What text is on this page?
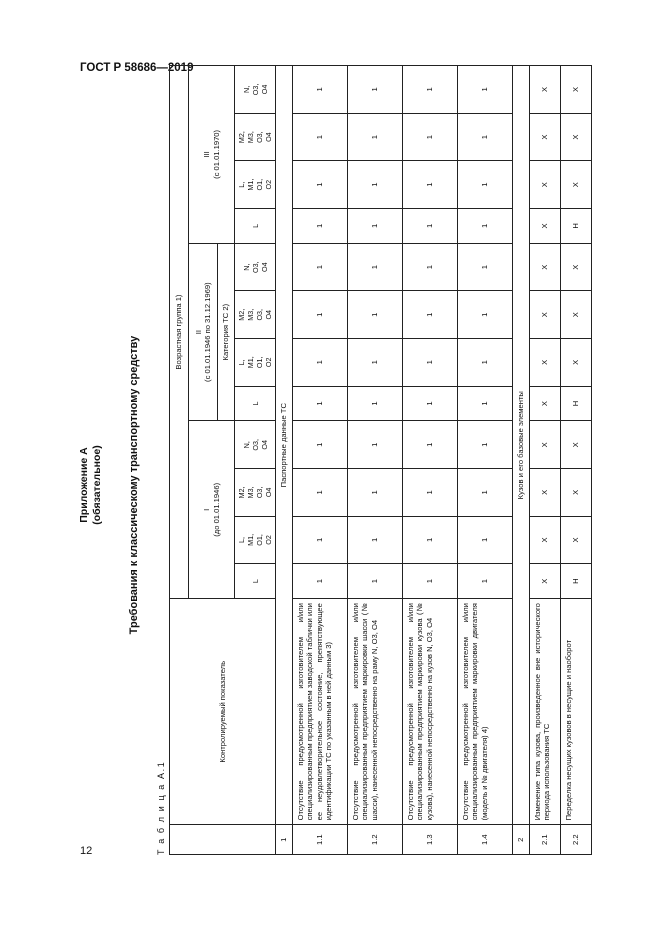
ГОСТ Р 58686—2019
12
Приложение А (обязательное) Требования к классическому транспортному средству
Т а б л и ц а А.1
	Контролируемый показатель	Возрастная группа 1)											
		I
(до 01.01.1946)				II
(с 01.01.1946 по 31.12.1969)				III
(с 01.01.1970)			
						Категория ТС 2)							
		L	L, M1, O1, O2	M2, M3, O3, O4	N, O3, O4	L	L, M1, O1, O2	M2, M3, O3, O4	N, O3, O4	L	L, M1, O1, O2	M2, M3, O3, O4	N, O3, O4

1	Паспортные данные ТС												
1.1	Отсутствие предусмотренной изготовителем и/или специализированным предприятием заводской таблички или ее неудовлетворительное состояние, препятствующее идентификации ТС по указанным в ней данным 3)	1	1	1	1	1	1	1	1	1	1	1	1
1.2	Отсутствие предусмотренной изготовителем и/или специализированным предприятием маркировки шасси (№ шасси), нанесенной непосредственно на раму N, O3, O4	1	1	1	1	1	1	1	1	1	1	1	1
1.3	Отсутствие предусмотренной изготовителем и/или специализированным предприятием маркировки кузова (№ кузова), нанесенной непосредственно на кузов N, O3, O4	1	1	1	1	1	1	1	1	1	1	1	1
1.4	Отсутствие предусмотренной изготовителем и/или специализированным предприятием маркировки двигателя (модель и № двигателя) 4)	1	1	1	1	1	1	1	1	1	1	1	1
2	Кузов и его базовые элементы												
2.1	Изменение типа кузова, произведенное вне исторического периода использования ТС	X	X	X	X	X	X	X	X	X	X	X	X
2.2	Переделка несущих кузовов в несущие и наоборот	Н	X	X	X	Н	X	X	X	Н	X	X	X
